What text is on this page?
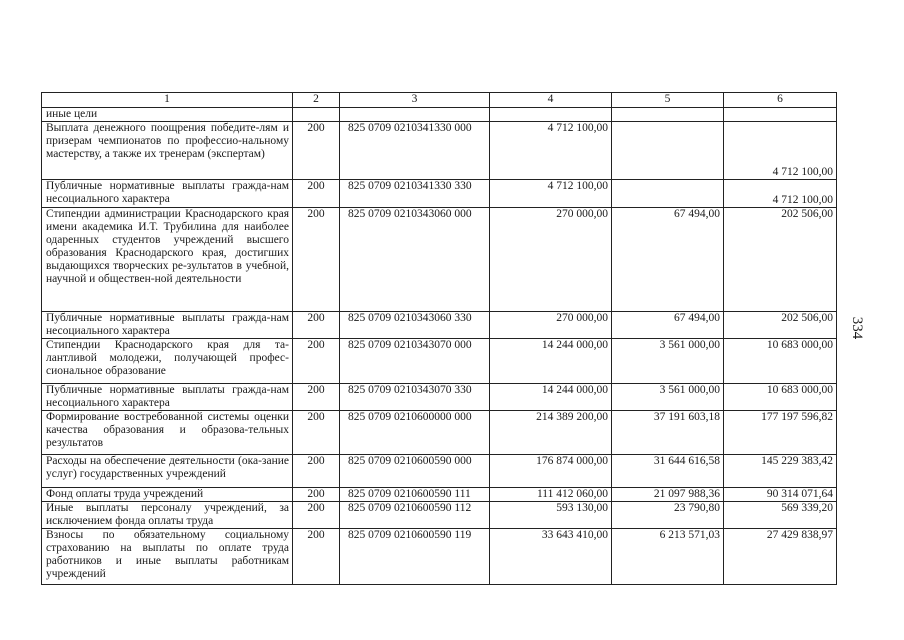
334
1	2	3	4	5	6
иные цели					
Выплата денежного поощрения победите-лям и призерам чемпионатов по профессио-нальному мастерству, а также их тренерам (экспертам)	200	825 0709 0210341330 000	4 712 100,00		4 712 100,00
Публичные нормативные выплаты гражда-нам несоциального характера	200	825 0709 0210341330 330	4 712 100,00		4 712 100,00
Стипендии администрации Краснодарского края имени академика И.Т. Трубилина для наиболее одаренных студентов учреждений высшего образования Краснодарского края, достигших выдающихся творческих ре-зультатов в учебной, научной и обществен-ной деятельности	200	825 0709 0210343060 000	270 000,00	67 494,00	202 506,00
Публичные нормативные выплаты гражда-нам несоциального характера	200	825 0709 0210343060 330	270 000,00	67 494,00	202 506,00
Стипендии Краснодарского края для та-лантливой молодежи, получающей профес-сиональное образование	200	825 0709 0210343070 000	14 244 000,00	3 561 000,00	10 683 000,00
Публичные нормативные выплаты гражда-нам несоциального характера	200	825 0709 0210343070 330	14 244 000,00	3 561 000,00	10 683 000,00
Формирование востребованной системы оценки качества образования и образова-тельных результатов	200	825 0709 0210600000 000	214 389 200,00	37 191 603,18	177 197 596,82
Расходы на обеспечение деятельности (ока-зание услуг) государственных учреждений	200	825 0709 0210600590 000	176 874 000,00	31 644 616,58	145 229 383,42
Фонд оплаты труда учреждений	200	825 0709 0210600590 111	111 412 060,00	21 097 988,36	90 314 071,64
Иные выплаты персоналу учреждений, за исключением фонда оплаты труда	200	825 0709 0210600590 112	593 130,00	23 790,80	569 339,20
Взносы по обязательному социальному страхованию на выплаты по оплате труда работников и иные выплаты работникам учреждений	200	825 0709 0210600590 119	33 643 410,00	6 213 571,03	27 429 838,97
